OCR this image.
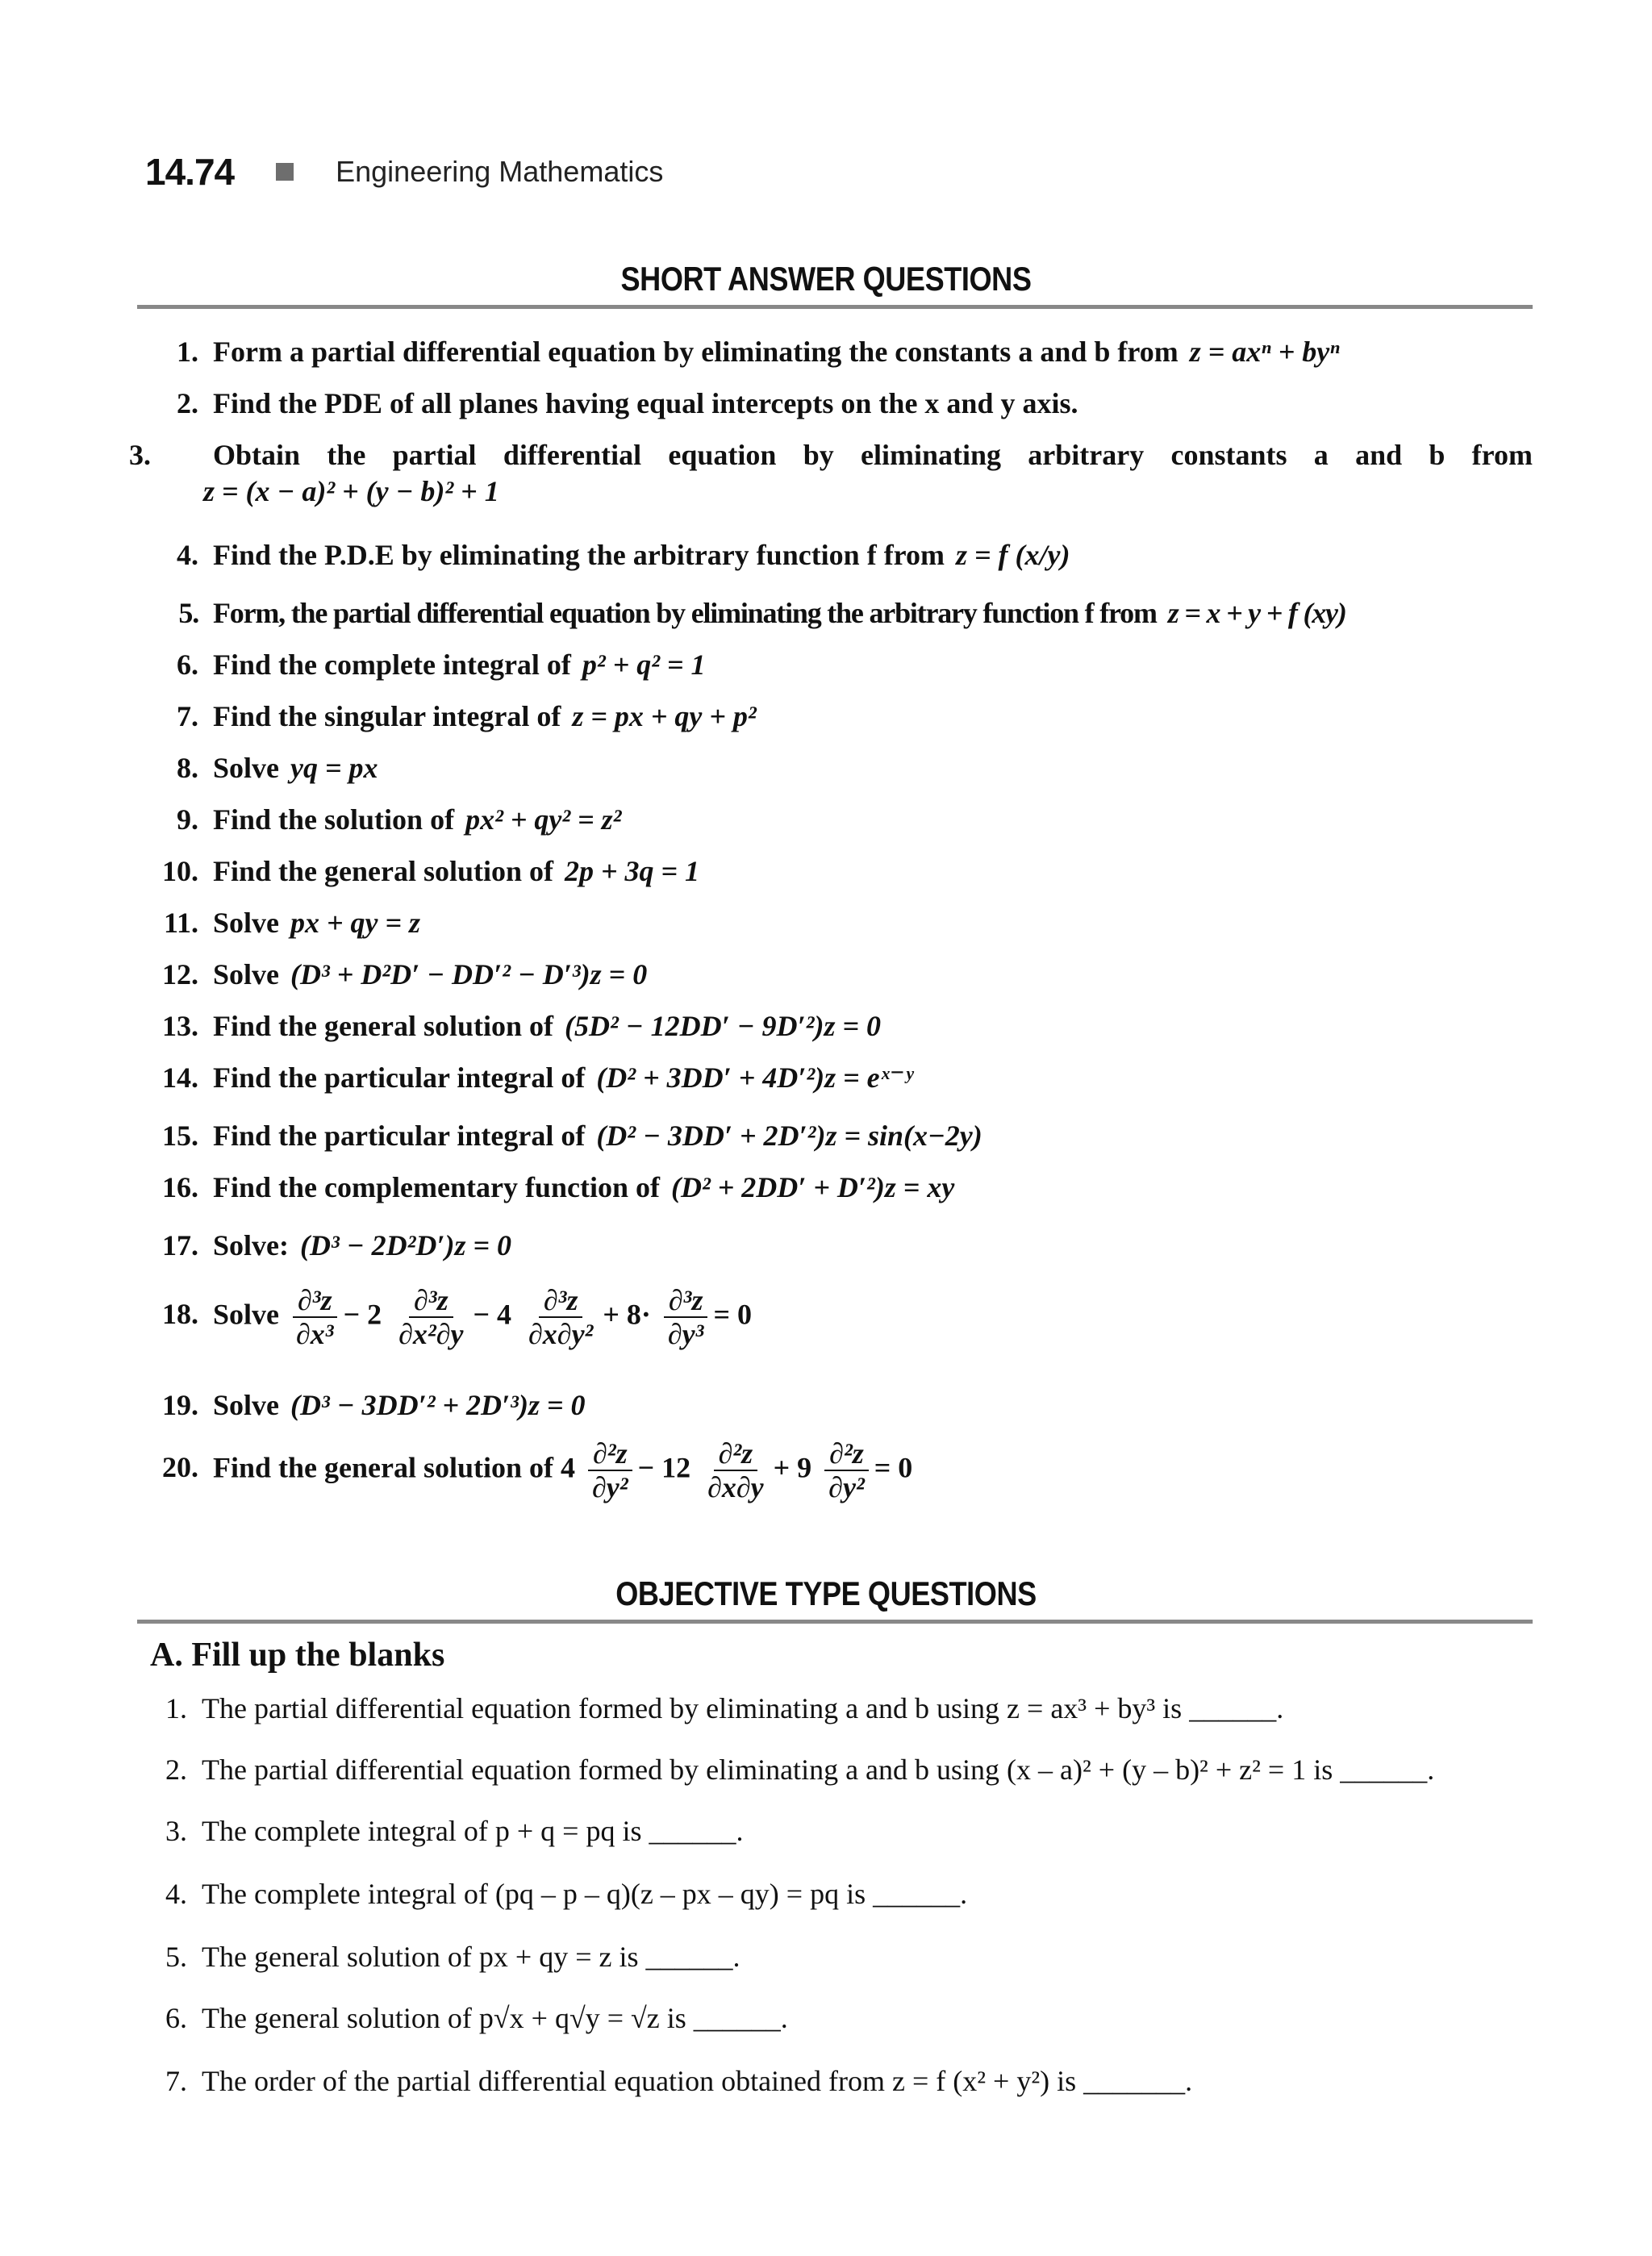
14.74	Engineering Mathematics
SHORT ANSWER QUESTIONS
1. Form a partial differential equation by eliminating the constants a and b from z = axⁿ + byⁿ
2. Find the PDE of all planes having equal intercepts on the x and y axis.
3. Obtain the partial differential equation by eliminating arbitrary constants a and b from
z = (x − a)² + (y − b)² + 1
4. Find the P.D.E by eliminating the arbitrary function f from z = f (x/y)
5. Form, the partial differential equation by eliminating the arbitrary function f from z = x + y + f (xy)
6. Find the complete integral of p² + q² = 1
7. Find the singular integral of z = px + qy + p²
8. Solve yq = px
9. Find the solution of px² + qy² = z²
10. Find the general solution of 2p + 3q = 1
11. Solve px + qy = z
12. Solve (D³ + D²D′ − DD′² − D′³)z = 0
13. Find the general solution of (5D² − 12DD′ − 9D′²)z = 0
14. Find the particular integral of (D² + 3DD′ + 4D′²)z = eˣ⁻ʸ
15. Find the particular integral of (D² − 3DD′ + 2D′²)z = sin(x−2y)
16. Find the complementary function of (D² + 2DD′ + D′²)z = xy
17. Solve: (D³ − 2D²D′)z = 0
18. Solve $\frac{\text{∂³z}}{\text{∂x³}} - 2 \frac{\text{∂³z}}{\text{∂x²∂y}} - 4 \frac{\text{∂³z}}{\text{∂x∂y²}} + 8\cdot \frac{\text{∂³z}}{\text{∂y³}} = 0$
19. Solve (D³ − 3DD′² + 2D′³)z = 0
20. Find the general solution of $4 \frac{\text{∂²z}}{\text{∂y²}} - 12 \frac{\text{∂²z}}{\partial x\partial y} + 9 \frac{\text{∂²z}}{\text{∂y²}} = 0$
OBJECTIVE TYPE QUESTIONS
A. Fill up the blanks
1. The partial differential equation formed by eliminating a and b using z = ax³ + by³ is ______.
2. The partial differential equation formed by eliminating a and b using (x – a)² + (y – b)² + z² = 1 is ______.
3. The complete integral of p + q = pq is ______.
4. The complete integral of (pq – p – q)(z – px – qy) = pq is ______.
5. The general solution of px + qy = z is ______.
6. The general solution of p√x + q√y = √z is ______.
7. The order of the partial differential equation obtained from z = f (x² + y²) is _______.
